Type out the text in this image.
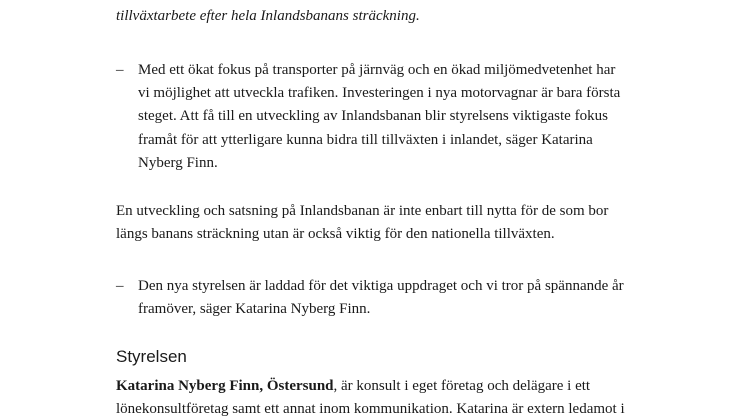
tillväxtarbete efter hela Inlandsbanans sträckning.
– Med ett ökat fokus på transporter på järnväg och en ökad miljömedvetenhet har
vi möjlighet att utveckla trafiken. Investeringen i nya motorvagnar är bara första
steget. Att få till en utveckling av Inlandsbanan blir styrelsens viktigaste fokus
framåt för att ytterligare kunna bidra till tillväxten i inlandet, säger Katarina
Nyberg Finn.
En utveckling och satsning på Inlandsbanan är inte enbart till nytta för de som bor
längs banans sträckning utan är också viktig för den nationella tillväxten.
– Den nya styrelsen är laddad för det viktiga uppdraget och vi tror på spännande år
framöver, säger Katarina Nyberg Finn.
Styrelsen
Katarina Nyberg Finn, Östersund, är konsult i eget företag och delägare i ett
lönekonsultföretag samt ett annat inom kommunikation. Katarina är extern ledamot i
